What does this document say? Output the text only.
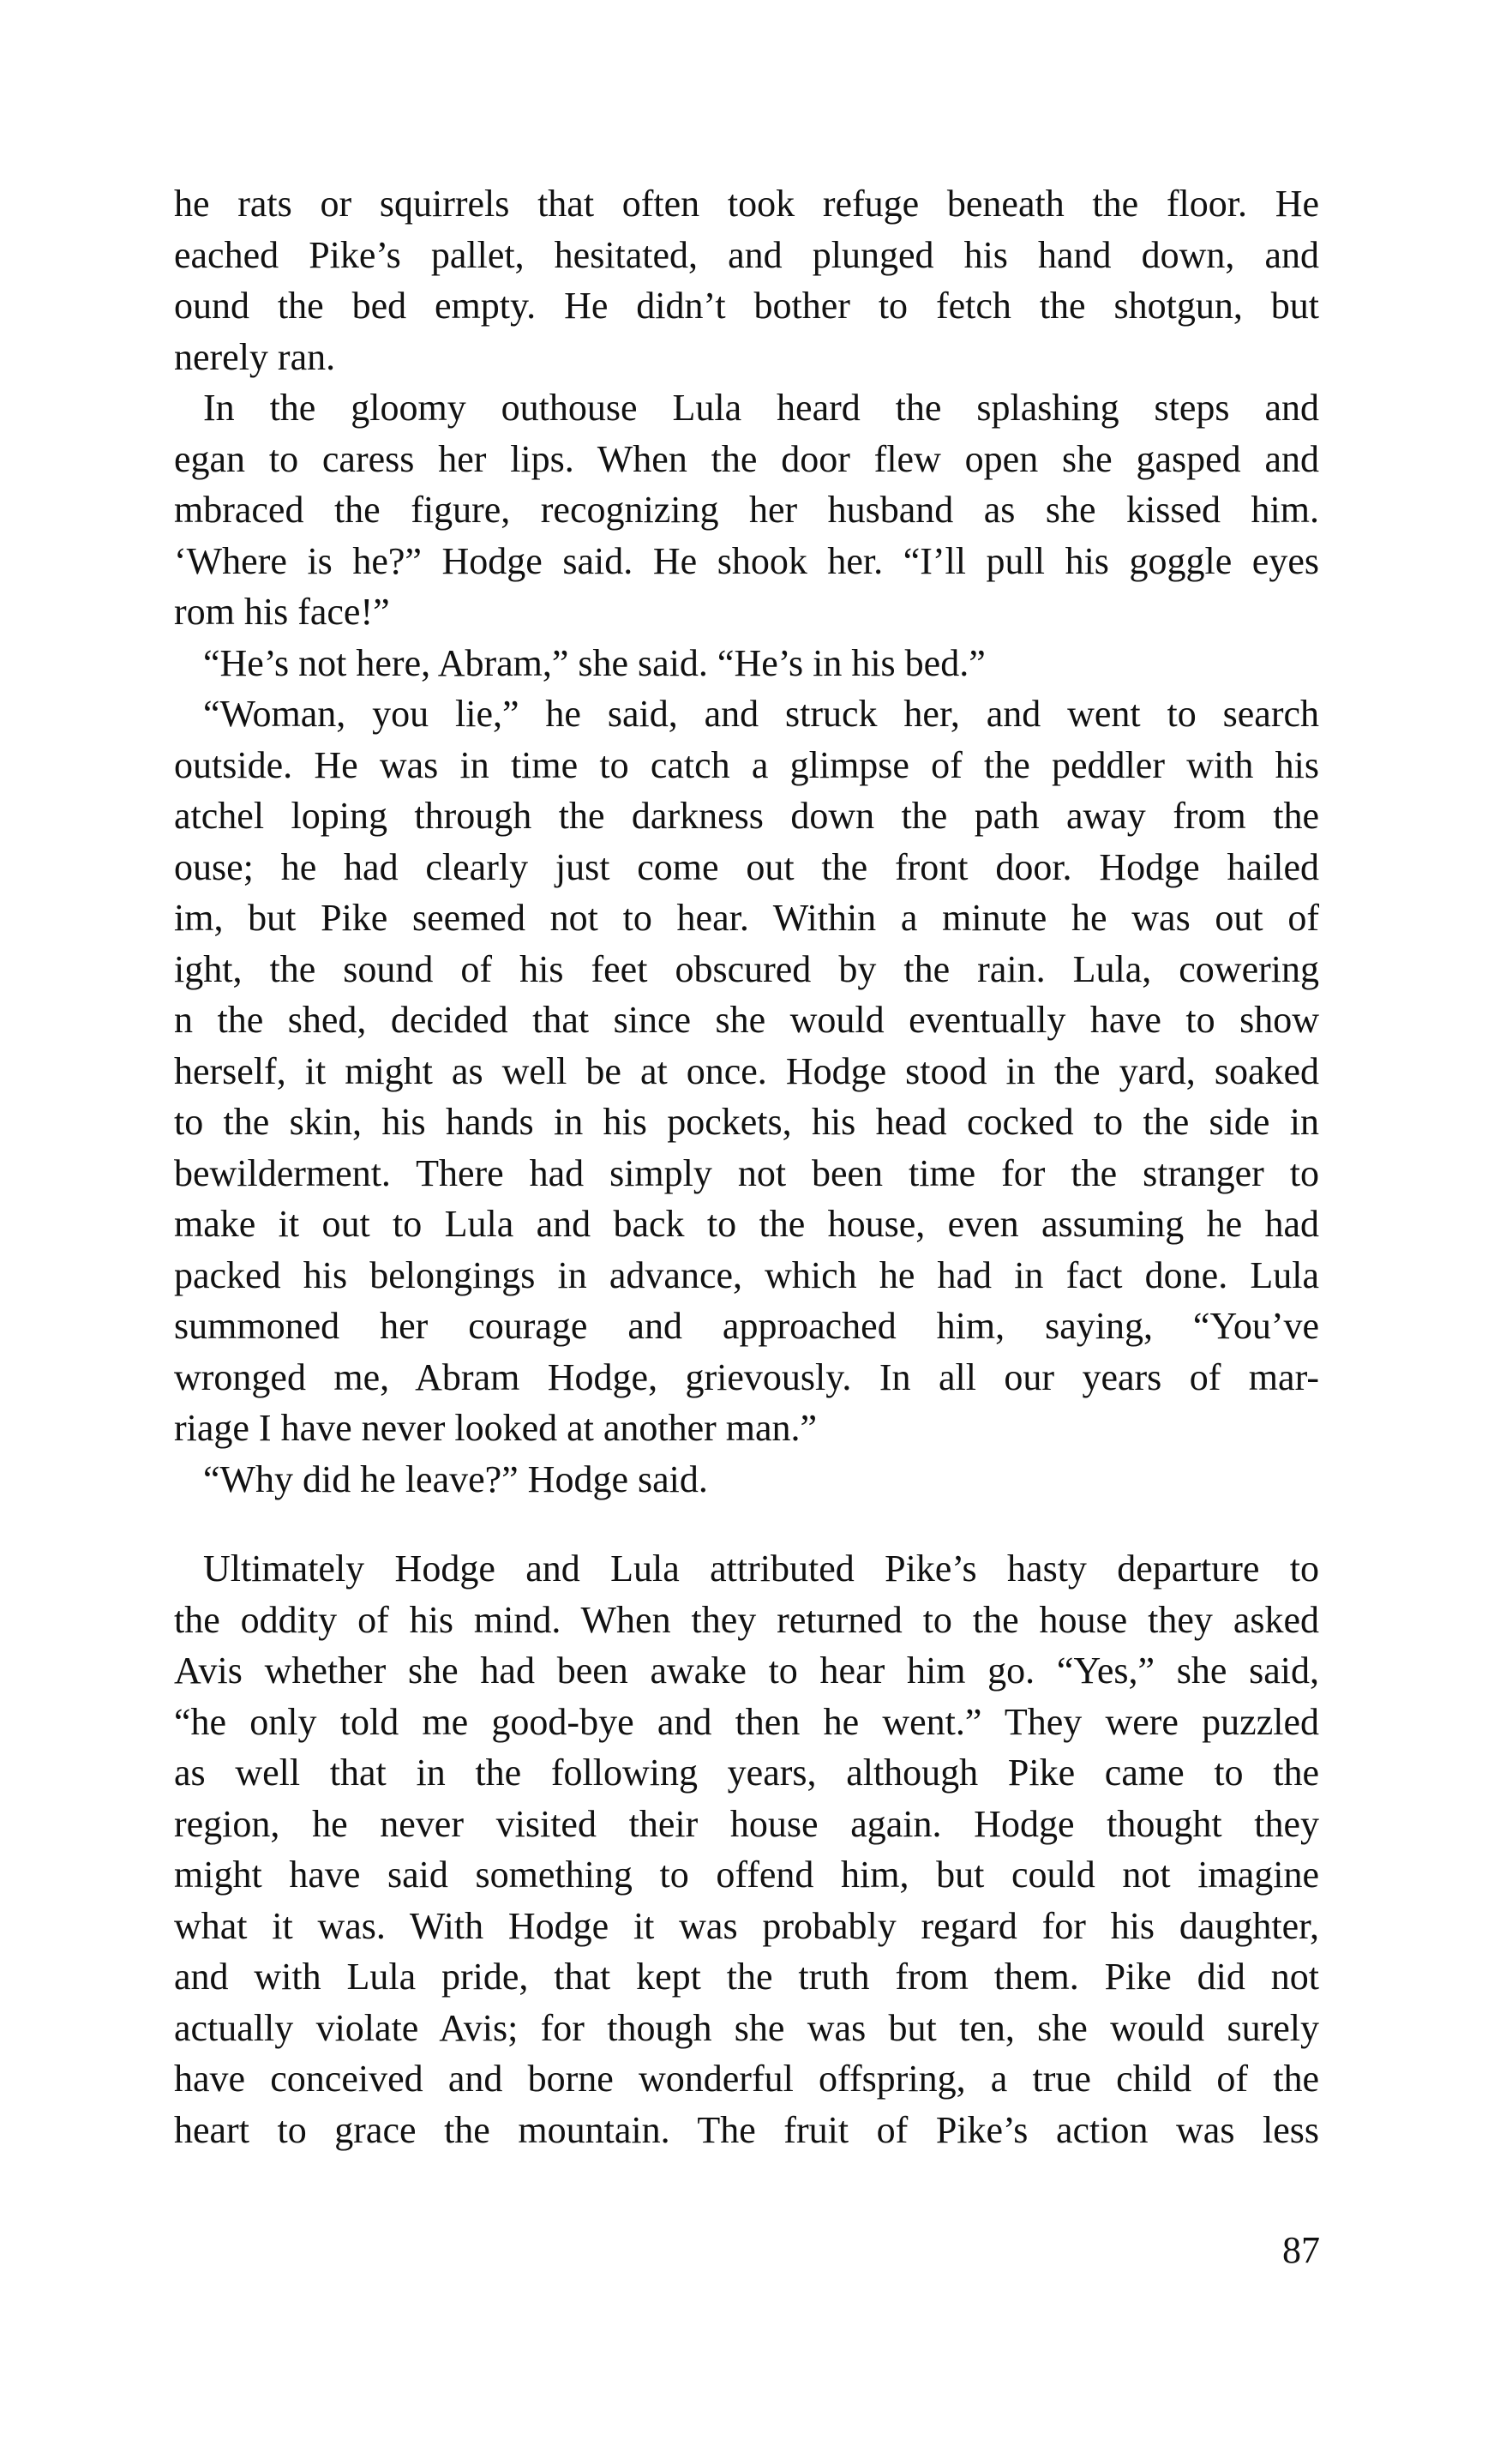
he rats or squirrels that often took refuge beneath the floor. He
eached Pike’s pallet, hesitated, and plunged his hand down, and
ound the bed empty. He didn’t bother to fetch the shotgun, but
nerely ran.
In the gloomy outhouse Lula heard the splashing steps and
egan to caress her lips. When the door flew open she gasped and
mbraced the figure, recognizing her husband as she kissed him.
‘Where is he?” Hodge said. He shook her. “I’ll pull his goggle eyes
rom his face!”
“He’s not here, Abram,” she said. “He’s in his bed.”
“Woman, you lie,” he said, and struck her, and went to search
outside. He was in time to catch a glimpse of the peddler with his
atchel loping through the darkness down the path away from the
ouse; he had clearly just come out the front door. Hodge hailed
im, but Pike seemed not to hear. Within a minute he was out of
ight, the sound of his feet obscured by the rain. Lula, cowering
n the shed, decided that since she would eventually have to show
herself, it might as well be at once. Hodge stood in the yard, soaked
to the skin, his hands in his pockets, his head cocked to the side in
bewilderment. There had simply not been time for the stranger to
make it out to Lula and back to the house, even assuming he had
packed his belongings in advance, which he had in fact done. Lula
summoned her courage and approached him, saying, “You’ve
wronged me, Abram Hodge, grievously. In all our years of mar-
riage I have never looked at another man.”
“Why did he leave?” Hodge said.
Ultimately Hodge and Lula attributed Pike’s hasty departure to
the oddity of his mind. When they returned to the house they asked
Avis whether she had been awake to hear him go. “Yes,” she said,
“he only told me good-bye and then he went.” They were puzzled
as well that in the following years, although Pike came to the
region, he never visited their house again. Hodge thought they
might have said something to offend him, but could not imagine
what it was. With Hodge it was probably regard for his daughter,
and with Lula pride, that kept the truth from them. Pike did not
actually violate Avis; for though she was but ten, she would surely
have conceived and borne wonderful offspring, a true child of the
heart to grace the mountain. The fruit of Pike’s action was less
87
